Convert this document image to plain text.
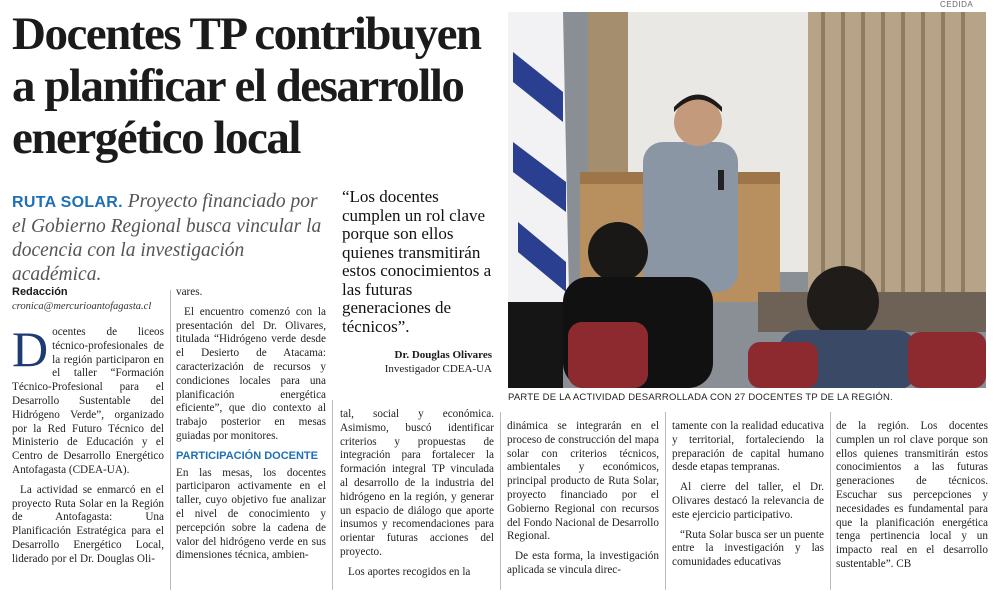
Docentes TP contribuyen a planificar el desarrollo energético local
RUTA SOLAR. Proyecto financiado por el Gobierno Regional busca vincular la docencia con la investigación académica.
“Los docentes cumplen un rol clave porque son ellos quienes transmitirán estos conocimientos a las futuras generaciones de técnicos”.
Dr. Douglas Olivares
Investigador CDEA-UA
Redacción
cronica@mercurioantofagasta.cl

Docentes de liceos técnico-profesionales de la región participaron en el taller “Formación Técnico-Profesional para el Desarrollo Sustentable del Hidrógeno Verde”, organizado por la Red Futuro Técnico del Ministerio de Educación y el Centro de Desarrollo Energético Antofagasta (CDEA-UA).

La actividad se enmarcó en el proyecto Ruta Solar en la Región de Antofagasta: Una Planificación Estratégica para el Desarrollo Energético Local, liderado por el Dr. Douglas Oli-

vares.

El encuentro comenzó con la presentación del Dr. Olivares, titulada “Hidrógeno verde desde el Desierto de Atacama: caracterización de recursos y condiciones locales para una planificación energética eficiente”, que dio contexto al trabajo posterior en mesas guiadas por monitores.

PARTICIPACIÓN DOCENTE

En las mesas, los docentes participaron activamente en el taller, cuyo objetivo fue analizar el nivel de conocimiento y percepción sobre la cadena de valor del hidrógeno verde en sus dimensiones técnica, ambien-

tal, social y económica. Asimismo, buscó identificar criterios y propuestas de integración para fortalecer la formación integral TP vinculada al desarrollo de la industria del hidrógeno en la región, y generar un espacio de diálogo que aporte insumos y recomendaciones para orientar futuras acciones del proyecto.

Los aportes recogidos en la

dinámica se integrarán en el proceso de construcción del mapa solar con criterios técnicos, ambientales y económicos, principal producto de Ruta Solar, proyecto financiado por el Gobierno Regional con recursos del Fondo Nacional de Desarrollo Regional.

De esta forma, la investigación aplicada se vincula direc-

tamente con la realidad educativa y territorial, fortaleciendo la preparación de capital humano desde etapas tempranas.

Al cierre del taller, el Dr. Olivares destacó la relevancia de este ejercicio participativo.

“Ruta Solar busca ser un puente entre la investigación y las comunidades educativas

de la región. Los docentes cumplen un rol clave porque son ellos quienes transmitirán estos conocimientos a las futuras generaciones de técnicos. Escuchar sus percepciones y necesidades es fundamental para que la planificación energética tenga pertinencia local y un impacto real en el desarrollo sustentable”. CB

CEDIDA
PARTE DE LA ACTIVIDAD DESARROLLADA CON 27 DOCENTES TP DE LA REGIÓN.
